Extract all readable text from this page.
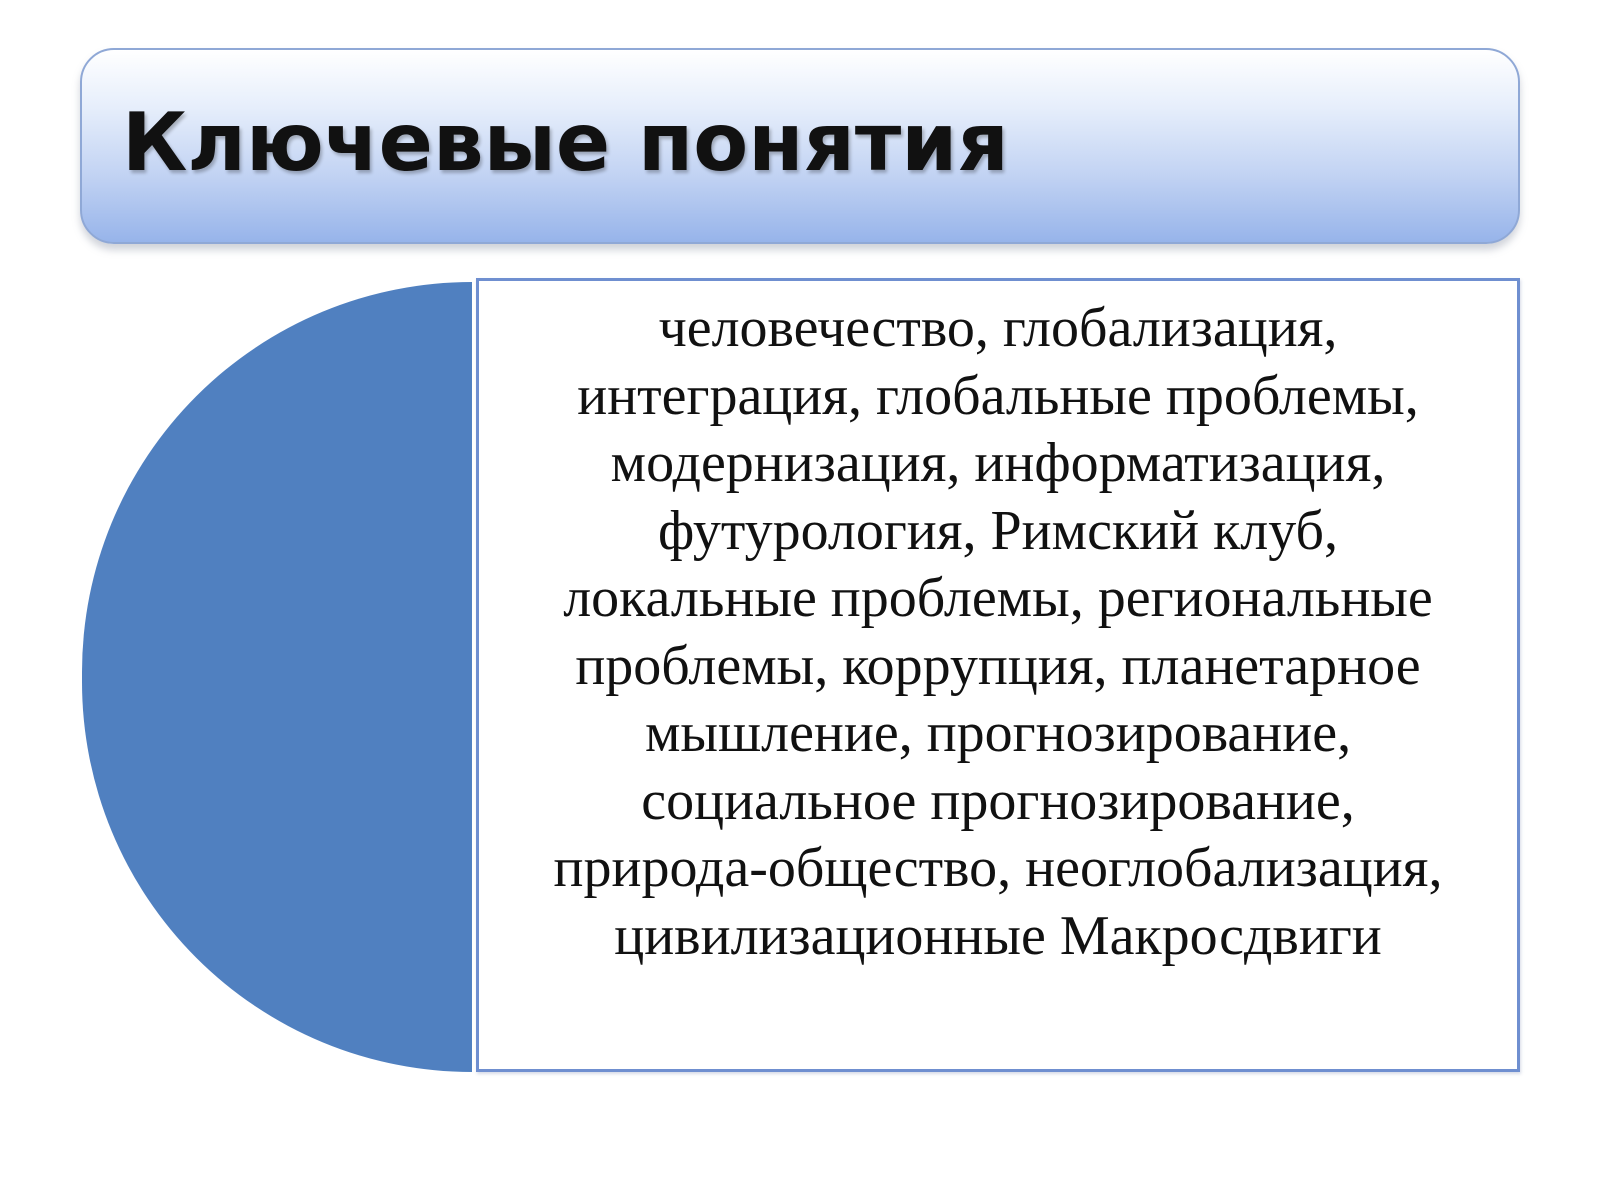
Ключевые понятия

человечество, глобализация,
интеграция, глобальные проблемы,
модернизация, информатизация,
футурология, Римский клуб,
локальные проблемы, региональные
проблемы, коррупция, планетарное
мышление, прогнозирование,
социальное прогнозирование,
природа-общество, неоглобализация,
цивилизационные Макросдвиги
